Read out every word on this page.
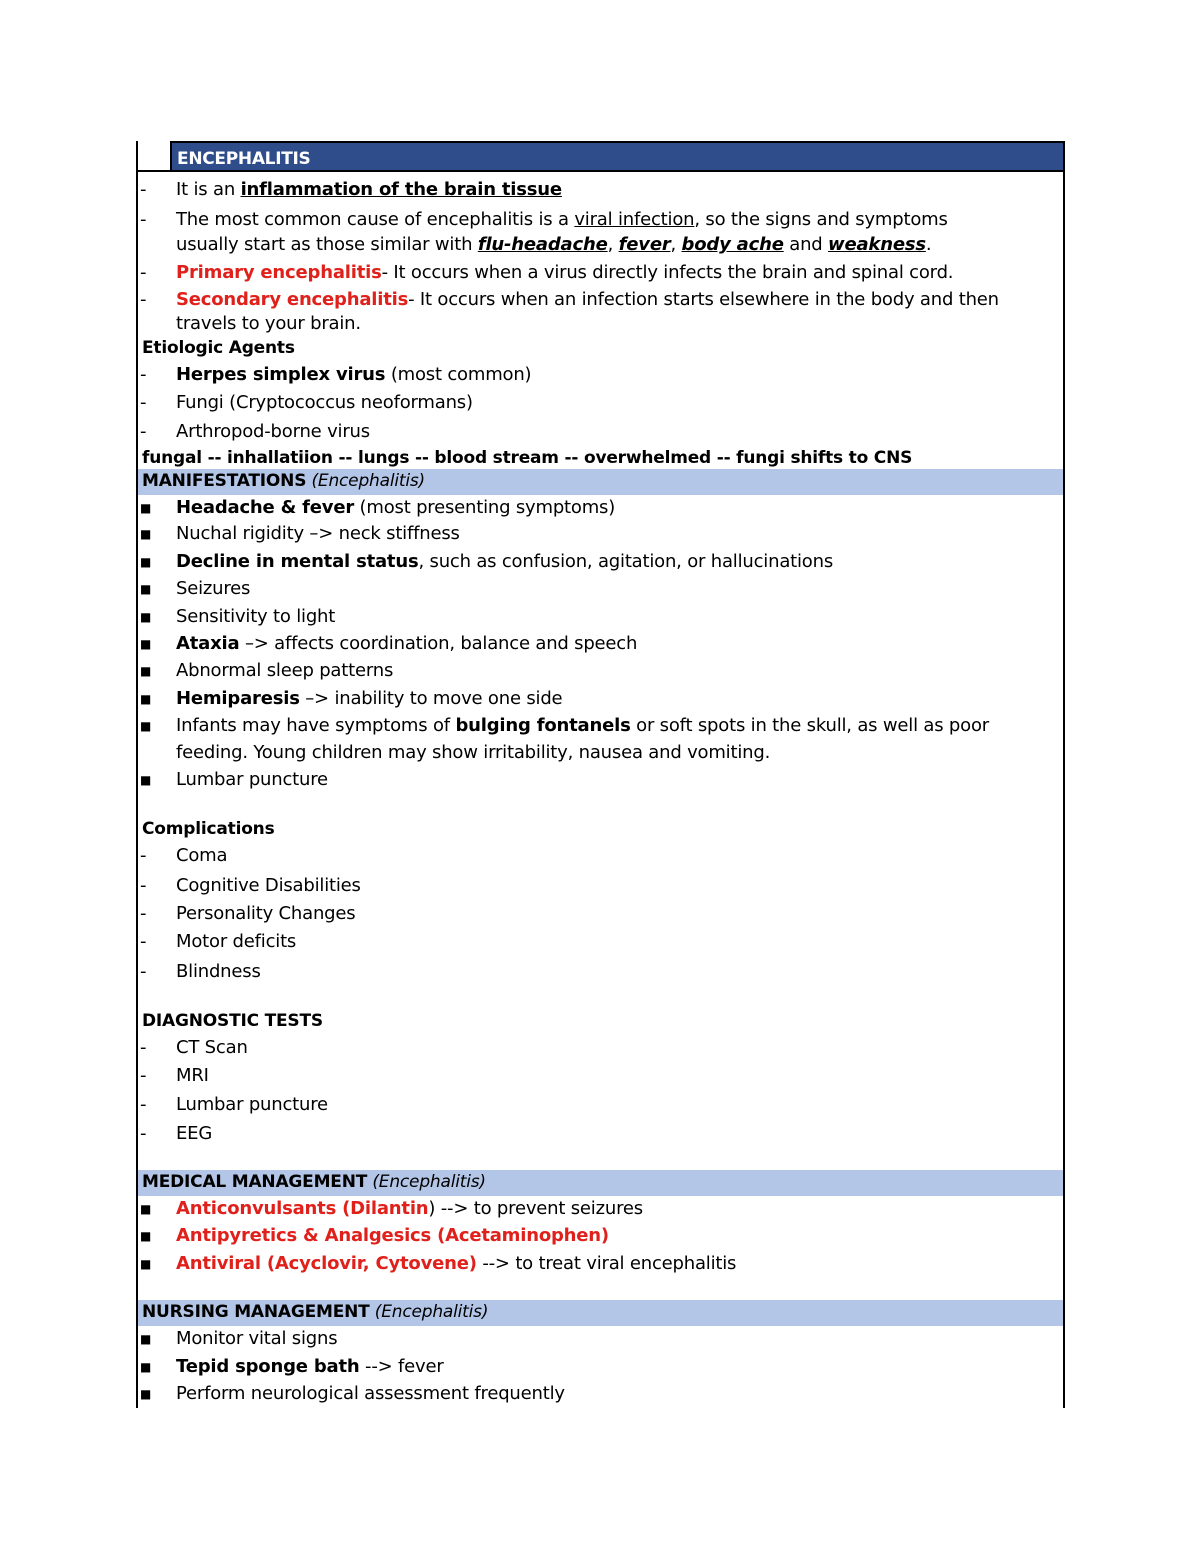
ENCEPHALITIS
- It is an inflammation of the brain tissue
- The most common cause of encephalitis is a viral infection, so the signs and symptoms
usually start as those similar with flu-headache, fever, body ache and weakness.
- Primary encephalitis- It occurs when a virus directly infects the brain and spinal cord.
- Secondary encephalitis- It occurs when an infection starts elsewhere in the body and then
travels to your brain.
Etiologic Agents
- Herpes simplex virus (most common)
- Fungi (Cryptococcus neoformans)
- Arthropod-borne virus
fungal -- inhallatiion -- lungs -- blood stream -- overwhelmed -- fungi shifts to CNS
MANIFESTATIONS (Encephalitis)
■ Headache & fever (most presenting symptoms)
■ Nuchal rigidity –> neck stiffness
■ Decline in mental status, such as confusion, agitation, or hallucinations
■ Seizures
■ Sensitivity to light
■ Ataxia –> affects coordination, balance and speech
■ Abnormal sleep patterns
■ Hemiparesis –> inability to move one side
■ Infants may have symptoms of bulging fontanels or soft spots in the skull, as well as poor
feeding. Young children may show irritability, nausea and vomiting.
■ Lumbar puncture
Complications
- Coma
- Cognitive Disabilities
- Personality Changes
- Motor deficits
- Blindness
DIAGNOSTIC TESTS
- CT Scan
- MRI
- Lumbar puncture
- EEG
MEDICAL MANAGEMENT (Encephalitis)
■ Anticonvulsants (Dilantin) --> to prevent seizures
■ Antipyretics & Analgesics (Acetaminophen)
■ Antiviral (Acyclovir, Cytovene) --> to treat viral encephalitis
NURSING MANAGEMENT (Encephalitis)
■ Monitor vital signs
■ Tepid sponge bath --> fever
■ Perform neurological assessment frequently
